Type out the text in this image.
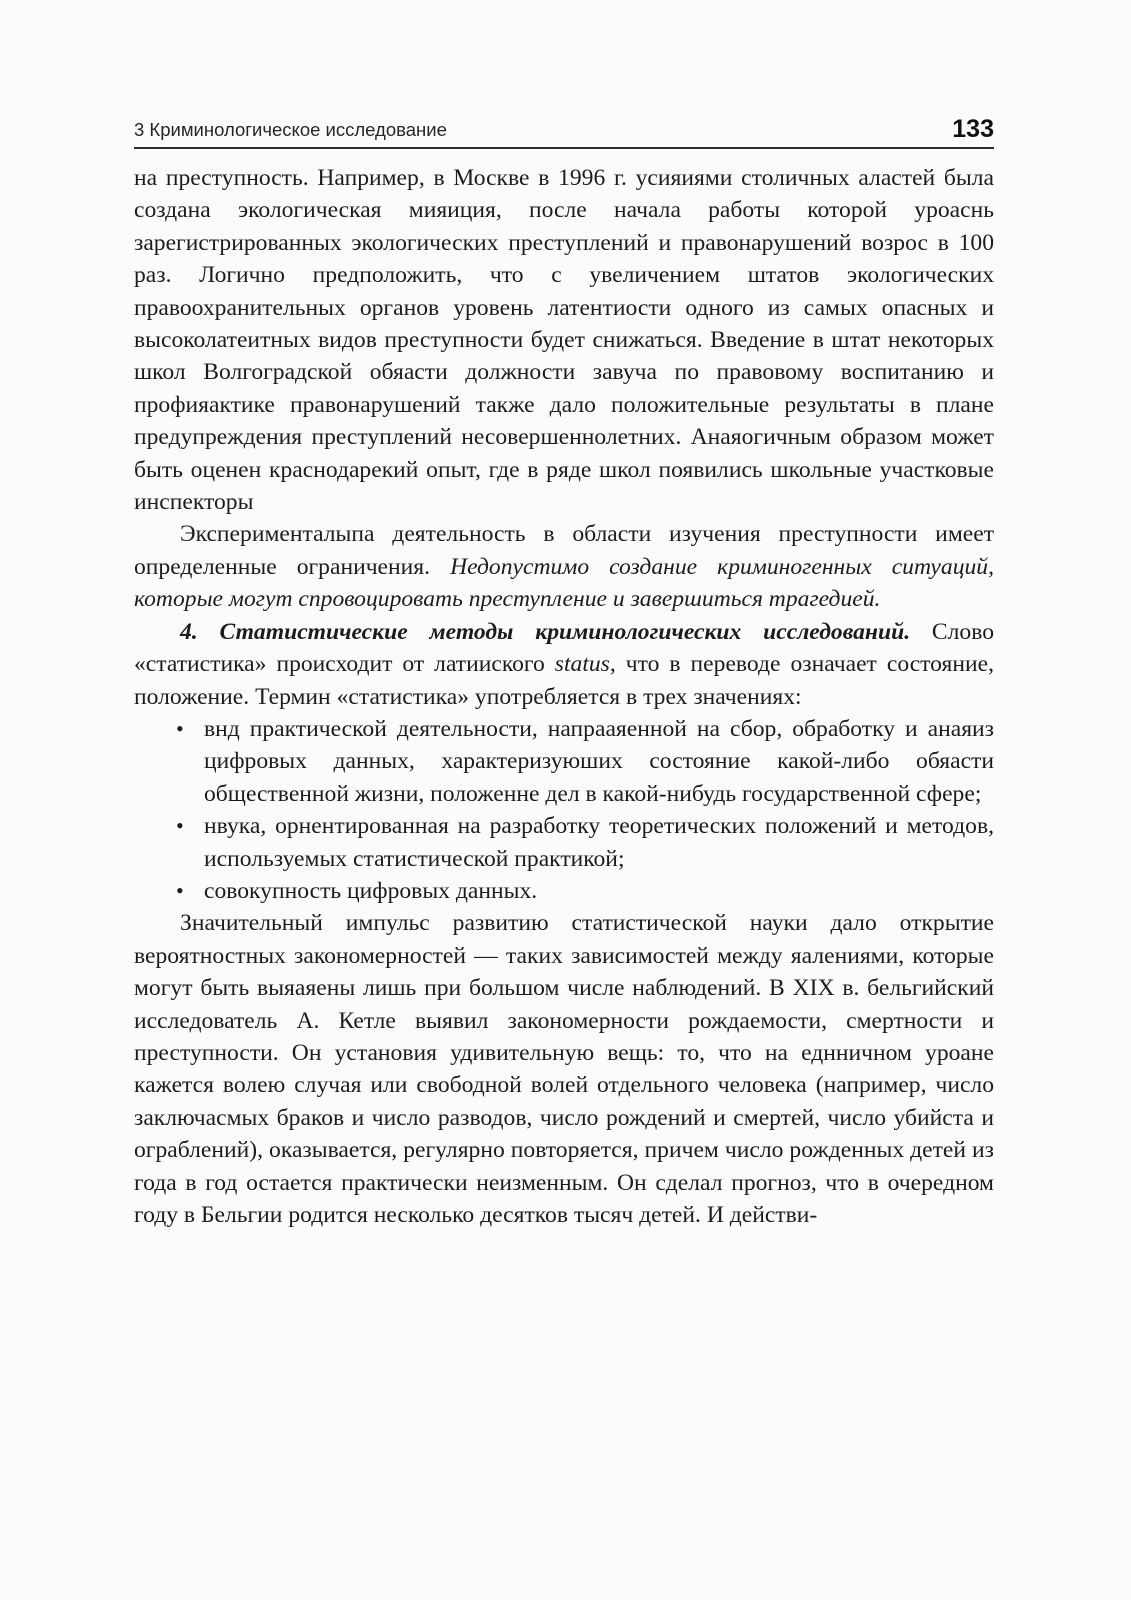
3 Криминологическое исследование	133

на преступность. Например, в Москве в 1996 г. усияиями столичных аластей была создана экологическая мияиция, после начала работы которой уроаснь зарегистрированных экологических преступлений и правонарушений возрос в 100 раз. Логично предположить, что с увеличением штатов экологических правоохранительных органов уровень латентиости одного из самых опасных и высоколатеитных видов преступности будет снижаться. Введение в штат некоторых школ Волгоградской обяасти должности завуча по правовому воспитанию и профияактике правонарушений также дало положительные результаты в плане предупреждения преступлений несовершеннолетних. Анаяогичным образом может быть оценен краснодарекий опыт, где в ряде школ появились школьные участковые инспекторы

Эксперименталыпа деятельность в области изучения преступности имеет определенные ограничения. Недопустимо создание криминогенных ситуаций, которые могут спровоцировать преступление и завершиться трагедией.

4. Статистические методы криминологических исследований. Слово «статистика» происходит от латииского status, что в переводе означает состояние, положение. Термин «статистика» употребляется в трех значениях:

• внд практической деятельности, напрааяенной на сбор, обработку и анаяиз цифровых данных, характеризуюших состояние какой-либо обяасти общественной жизни, положенне дел в какой-нибудь государственной сфере;
• нвука, орнентированная на разработку теоретических положений и методов, используемых статистической практикой;
• совокупность цифровых данных.

Значительный импульс развитию статистической науки дало открытие вероятностных закономерностей — таких зависимостей между яалениями, которые могут быть выяаяены лишь при большом числе наблюдений. В XIX в. бельгийский исследователь А. Кетле выявил закономерности рождаемости, смертности и преступности. Он установия удивительную вещь: то, что на еднничном уроане кажется волею случая или свободной волей отдельного человека (например, число заключасмых браков и число разводов, число рождений и смертей, число убийста и ограблений), оказывается, регулярно повторяется, причем число рожденных детей из года в год остается практически неизменным. Он сделал прогноз, что в очередном году в Бельгии родится несколько десятков тысяч детей. И действи-
